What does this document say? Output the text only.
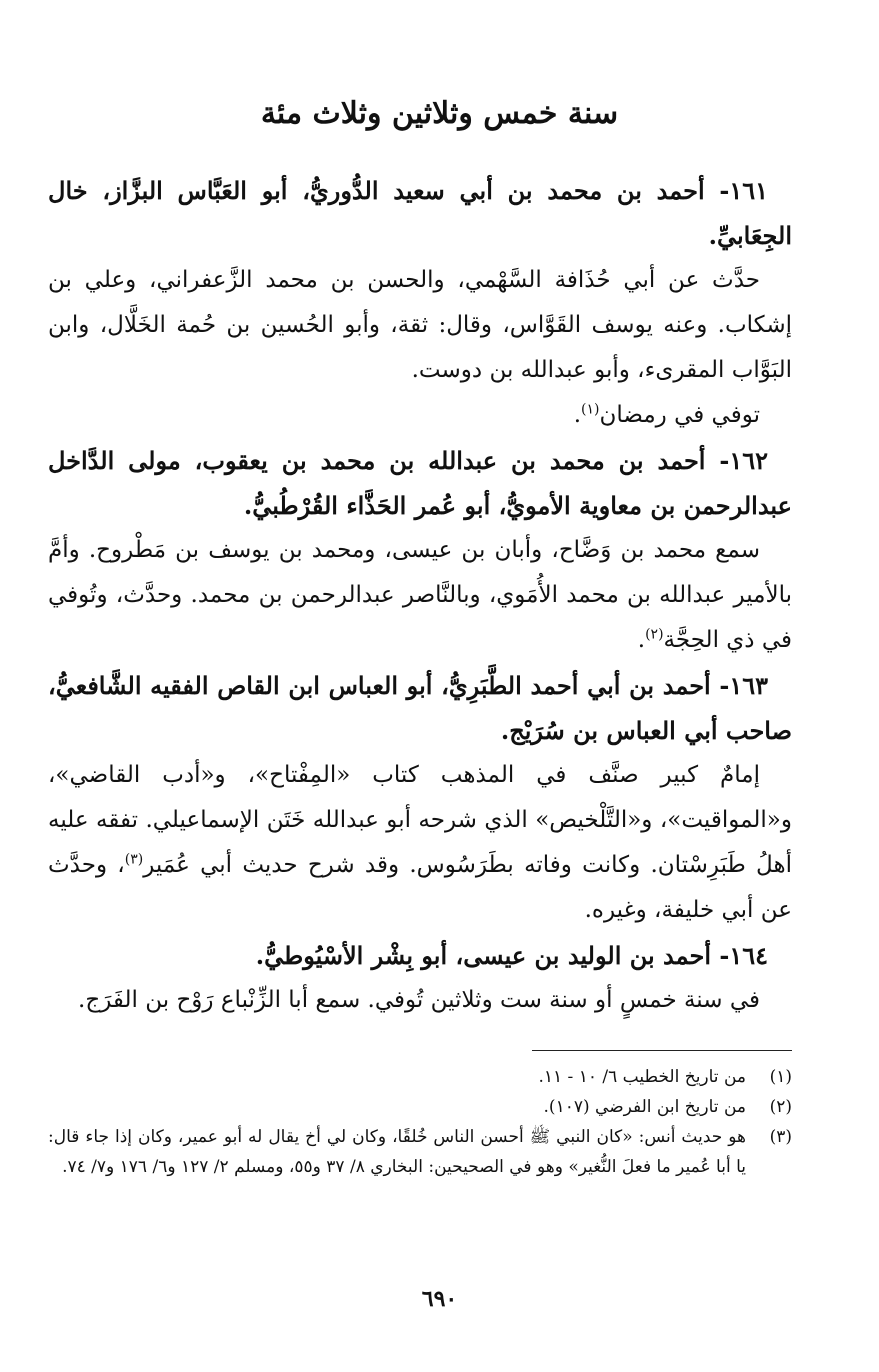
سنة خمس وثلاثين وثلاث مئة

١٦١- أحمد بن محمد بن أبي سعيد الدُّوريُّ، أبو العَبَّاس البزَّاز، خال الجِعَابيِّ.

حدَّث عن أبي حُذَافة السَّهْمي، والحسن بن محمد الزَّعفراني، وعلي بن إشكاب. وعنه يوسف القَوَّاس، وقال: ثقة، وأبو الحُسين بن حُمة الخَلَّال، وابن البَوَّاب المقرىء، وأبو عبدالله بن دوست.

توفي في رمضان$^{(١)}$.

١٦٢- أحمد بن محمد بن عبدالله بن محمد بن يعقوب، مولى الدَّاخل عبدالرحمن بن معاوية الأمويُّ، أبو عُمر الحَذَّاء القُرْطُبيُّ.

سمع محمد بن وَضَّاح، وأبان بن عيسى، ومحمد بن يوسف بن مَطْروح. وأمَّ بالأمير عبدالله بن محمد الأُمَوي، وبالنَّاصر عبدالرحمن بن محمد. وحدَّث، وتُوفي في ذي الحِجَّة$^{(٢)}$.

١٦٣- أحمد بن أبي أحمد الطَّبَرِيُّ، أبو العباس ابن القاص الفقيه الشَّافعيُّ، صاحب أبي العباس بن سُرَيْج.

إمامٌ كبير صنَّف في المذهب كتاب «المِفْتاح»، و«أدب القاضي»، و«المواقيت»، و«التَّلْخيص» الذي شرحه أبو عبدالله خَتَن الإسماعيلي. تفقه عليه أهلُ طَبَرِسْتان. وكانت وفاته بطَرَسُوس. وقد شرح حديث أبي عُمَير$^{(٣)}$، وحدَّث عن أبي خليفة، وغيره.

١٦٤- أحمد بن الوليد بن عيسى، أبو بِشْر الأسْيُوطيُّ.

في سنة خمسٍ أو سنة ست وثلاثين تُوفي. سمع أبا الزِّنْباع رَوْح بن الفَرَج.

(١)
من تاريخ الخطيب ٦/ ١٠ - ١١.
(٢)
من تاريخ ابن الفرضي (١٠٧).
(٣)
هو حديث أنس: «كان النبي ﷺ أحسن الناس خُلقًا، وكان لي أخ يقال له أبو عمير، وكان إذا جاء قال: يا أبا عُمير ما فعلَ النُّغير» وهو في الصحيحين: البخاري ٨/ ٣٧ و٥٥، ومسلم ٢/ ١٢٧ و٦/ ١٧٦ و٧/ ٧٤.
٦٩٠
